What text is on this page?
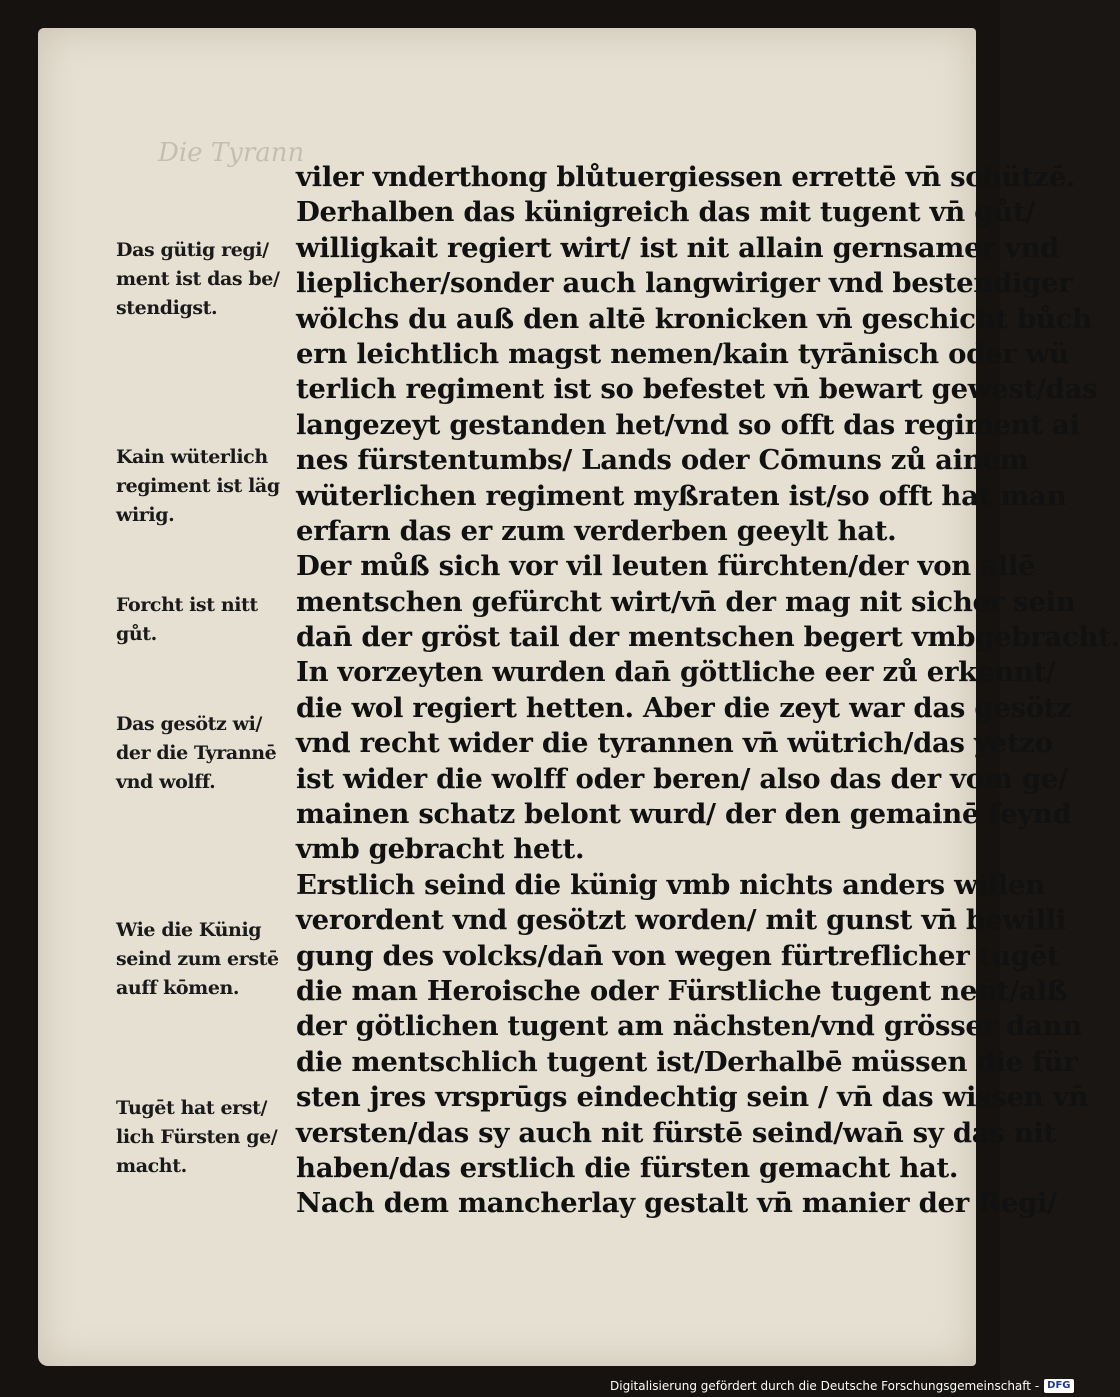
Die Tyrann
viler vnderthong blůtuergiessen errettē vn̄ schützē.
Derhalben das künigreich das mit tugent vn̄ gůt/
willigkait regiert wirt/ ist nit allain gernsamer vnd
lieplicher/sonder auch langwiriger vnd bestendiger
wölchs du auß den altē kronicken vn̄ geschicht bůch
ern leichtlich magst nemen/kain tyrānisch oder wü
terlich regiment ist so befestet vn̄ bewart gewest/das
langezeyt gestanden het/vnd so offt das regiment ai
nes fürstentumbs/ Lands oder Cōmuns zů ainem
wüterlichen regiment myßraten ist/so offt hat man
erfarn das er zum verderben geeylt hat.
Der můß sich vor vil leuten fürchten/der von allē
mentschen gefürcht wirt/vn̄ der mag nit sicher sein
dan̄ der gröst tail der mentschen begert vmbgebracht.
In vorzeyten wurden dan̄ göttliche eer zů erkennt/
die wol regiert hetten. Aber die zeyt war das gesötz
vnd recht wider die tyrannen vn̄ wütrich/das yetzo
ist wider die wolff oder beren/ also das der vom ge/
mainen schatz belont wurd/ der den gemainē feynd
vmb gebracht hett.
Erstlich seind die künig vmb nichts anders willen
verordent vnd gesötzt worden/ mit gunst vn̄ bewilli
gung des volcks/dan̄ von wegen fürtreflicher tugēt
die man Heroische oder Fürstliche tugent nen̄t/alß
der götlichen tugent am nächsten/vnd grösser dann
die mentschlich tugent ist/Derhalbē müssen die für
sten jres vrsprūgs eindechtig sein / vn̄ das wissen vn̄
versten/das sy auch nit fürstē seind/wan̄ sy das nit
haben/das erstlich die fürsten gemacht hat.
Nach dem mancherlay gestalt vn̄ manier der Regi/
Das gütig regi/
ment ist das be/
stendigst.
Kain wüterlich
regiment ist läg
wirig.
Forcht ist nitt
gůt.
Das gesötz wi/
der die Tyrannē
vnd wolff.
Wie die Künig
seind zum erstē
auff kōmen.
Tugēt hat erst/
lich Fürsten ge/
macht.
Digitalisierung gefördert durch die Deutsche Forschungsgemeinschaft - DFG
